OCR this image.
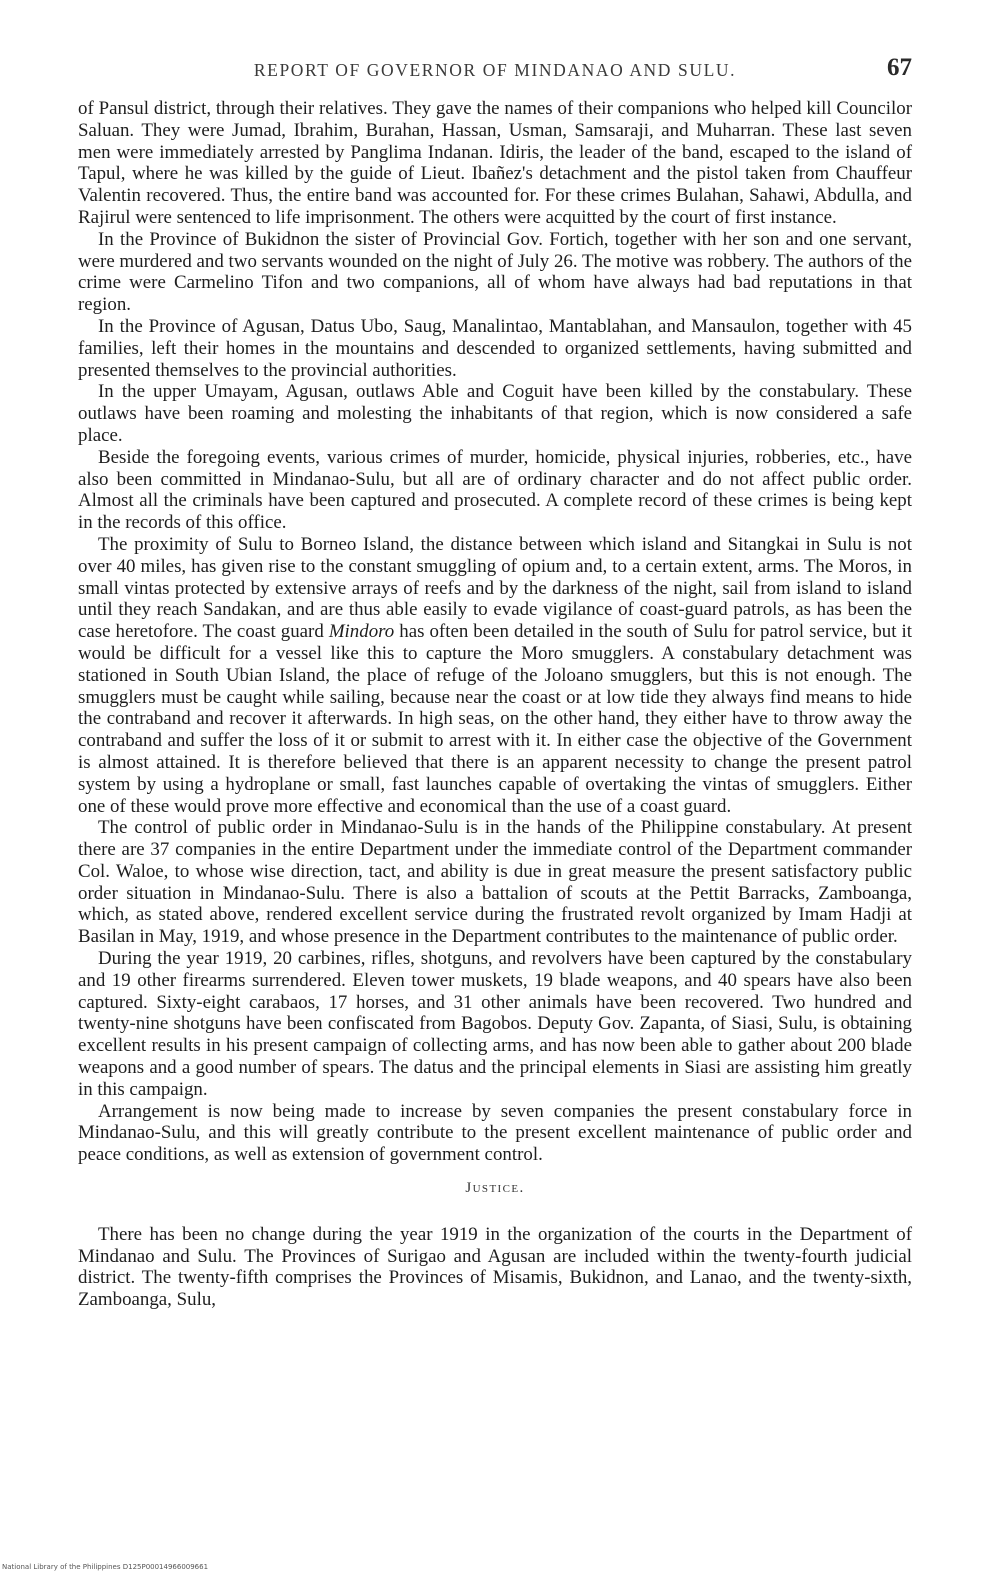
REPORT OF GOVERNOR OF MINDANAO AND SULU.	67

of Pansul district, through their relatives. They gave the names of their companions who helped kill Councilor Saluan. They were Jumad, Ibrahim, Burahan, Hassan, Usman, Samsaraji, and Muharran. These last seven men were immediately arrested by Panglima Indanan. Idiris, the leader of the band, escaped to the island of Tapul, where he was killed by the guide of Lieut. Ibañez's detachment and the pistol taken from Chauffeur Valentin recovered. Thus, the entire band was accounted for. For these crimes Bulahan, Sahawi, Abdulla, and Rajirul were sentenced to life imprisonment. The others were acquitted by the court of first instance.

In the Province of Bukidnon the sister of Provincial Gov. Fortich, together with her son and one servant, were murdered and two servants wounded on the night of July 26. The motive was robbery. The authors of the crime were Carmelino Tifon and two companions, all of whom have always had bad reputations in that region.

In the Province of Agusan, Datus Ubo, Saug, Manalintao, Mantablahan, and Mansaulon, together with 45 families, left their homes in the mountains and descended to organized settlements, having submitted and presented themselves to the provincial authorities.

In the upper Umayam, Agusan, outlaws Able and Coguit have been killed by the constabulary. These outlaws have been roaming and molesting the inhabitants of that region, which is now considered a safe place.

Beside the foregoing events, various crimes of murder, homicide, physical injuries, robberies, etc., have also been committed in Mindanao-Sulu, but all are of ordinary character and do not affect public order. Almost all the criminals have been captured and prosecuted. A complete record of these crimes is being kept in the records of this office.

The proximity of Sulu to Borneo Island, the distance between which island and Sitangkai in Sulu is not over 40 miles, has given rise to the constant smuggling of opium and, to a certain extent, arms. The Moros, in small vintas protected by extensive arrays of reefs and by the darkness of the night, sail from island to island until they reach Sandakan, and are thus able easily to evade vigilance of coast-guard patrols, as has been the case heretofore. The coast guard Mindoro has often been detailed in the south of Sulu for patrol service, but it would be difficult for a vessel like this to capture the Moro smugglers. A constabulary detachment was stationed in South Ubian Island, the place of refuge of the Joloano smugglers, but this is not enough. The smugglers must be caught while sailing, because near the coast or at low tide they always find means to hide the contraband and recover it afterwards. In high seas, on the other hand, they either have to throw away the contraband and suffer the loss of it or submit to arrest with it. In either case the objective of the Government is almost attained. It is therefore believed that there is an apparent necessity to change the present patrol system by using a hydroplane or small, fast launches capable of overtaking the vintas of smugglers. Either one of these would prove more effective and economical than the use of a coast guard.

The control of public order in Mindanao-Sulu is in the hands of the Philippine constabulary. At present there are 37 companies in the entire Department under the immediate control of the Department commander Col. Waloe, to whose wise direction, tact, and ability is due in great measure the present satisfactory public order situation in Mindanao-Sulu. There is also a battalion of scouts at the Pettit Barracks, Zamboanga, which, as stated above, rendered excellent service during the frustrated revolt organized by Imam Hadji at Basilan in May, 1919, and whose presence in the Department contributes to the maintenance of public order.

During the year 1919, 20 carbines, rifles, shotguns, and revolvers have been captured by the constabulary and 19 other firearms surrendered. Eleven tower muskets, 19 blade weapons, and 40 spears have also been captured. Sixty-eight carabaos, 17 horses, and 31 other animals have been recovered. Two hundred and twenty-nine shotguns have been confiscated from Bagobos. Deputy Gov. Zapanta, of Siasi, Sulu, is obtaining excellent results in his present campaign of collecting arms, and has now been able to gather about 200 blade weapons and a good number of spears. The datus and the principal elements in Siasi are assisting him greatly in this campaign.

Arrangement is now being made to increase by seven companies the present constabulary force in Mindanao-Sulu, and this will greatly contribute to the present excellent maintenance of public order and peace conditions, as well as extension of government control.

Justice.

There has been no change during the year 1919 in the organization of the courts in the Department of Mindanao and Sulu. The Provinces of Surigao and Agusan are included within the twenty-fourth judicial district. The twenty-fifth comprises the Provinces of Misamis, Bukidnon, and Lanao, and the twenty-sixth, Zamboanga, Sulu,

National Library of the Philippines D125P00014966009661
